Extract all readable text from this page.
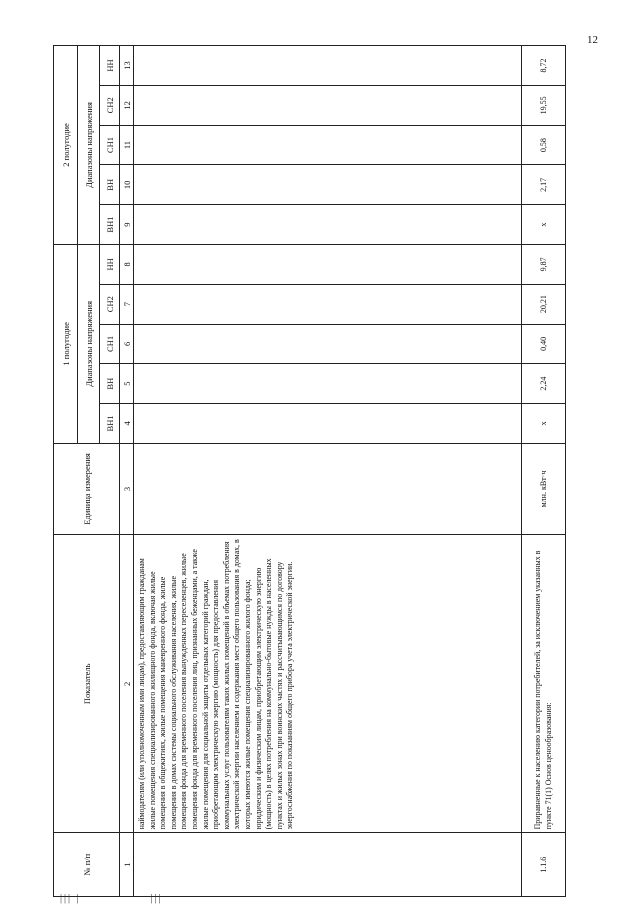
12
№ п/п	Показатель	Единица измерения	1 полугодие					2 полугодие				
			Диапазоны напряжения					Диапазоны напряжения				
			ВН1	ВН	СН1	СН2	НН	ВН1	ВН	СН1	СН2	НН
1	2	3	4	5	6	7	8	9	10	11	12	13
	наймодателям (или уполномоченным ими лицам), предоставляющим гражданам жилые помещения специализированного жилищного фонда, включая жилые помещения в общежитиях, жилые помещения маневренного фонда, жилые помещения в домах системы социального обслуживания населения, жилые помещения фонда для временного поселения вынужденных переселенцев, жилые помещения фонда для временного поселения лиц, признанных беженцами, а также жилые помещения для социальной защиты отдельных категорий граждан, приобретающим электрическую энергию (мощность) для предоставления коммунальных услуг пользователям таких жилых помещений в объемах потребления электрической энергии населением и содержания мест общего пользования в домах, в которых имеются жилые помещения специализированного жилого фонда; юридическим и физическим лицам, приобретающим электрическую энергию (мощность) в целях потребления на коммунально-бытовые нужды в населенных пунктах и жилых зонах при воинских частях и рассчитывающимся по договору энергоснабжения по показаниям общего прибора учета электрической энергии.											
1.1.6	Приравненные к населению категории потребителей, за исключением указанных в пункте 71(1) Основ ценообразования:	млн. кВт·ч	х	2,24	0,40	20,21	9,87	х	2,17	0,58	19,55	8,72
||| |	|||
